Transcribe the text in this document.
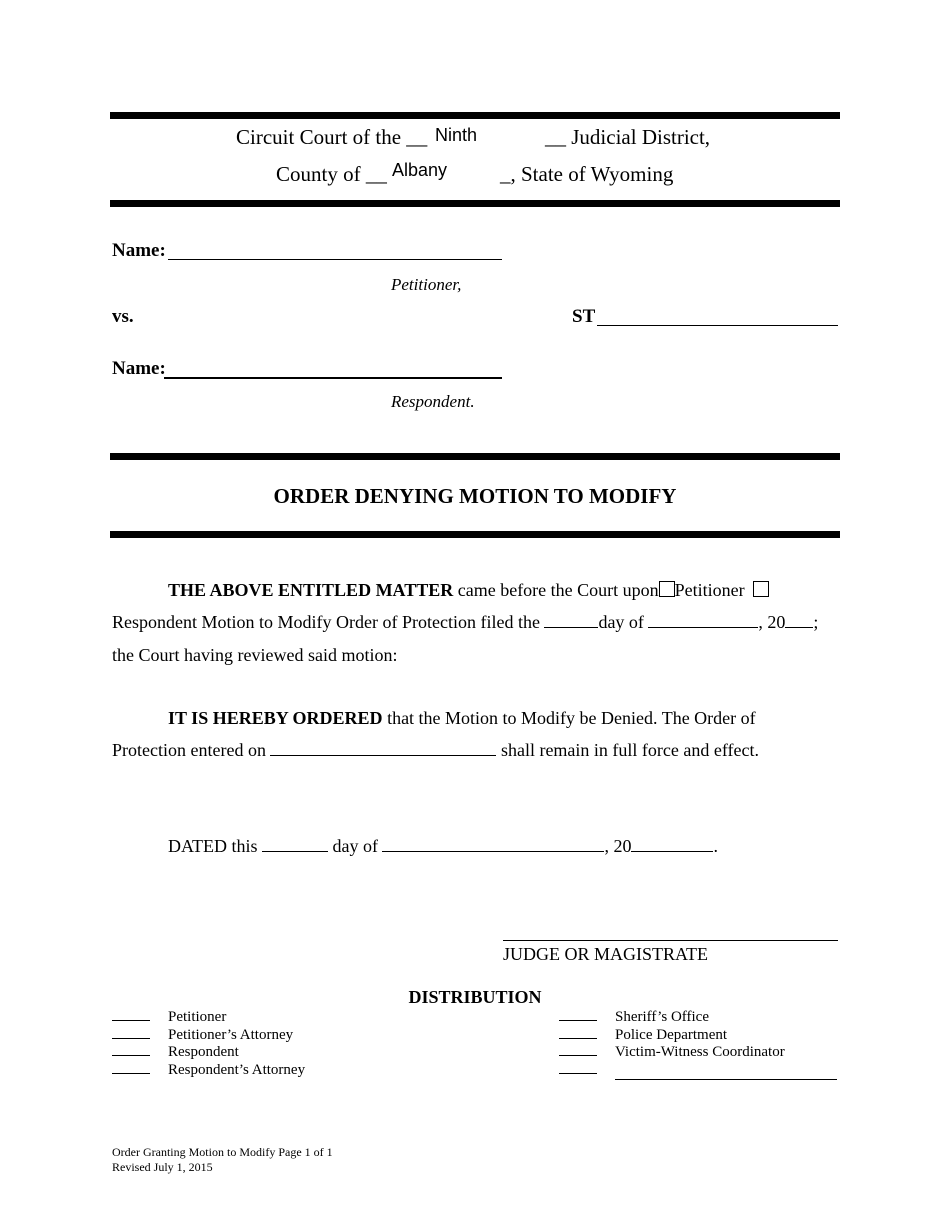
Circuit Court of the __ Ninth	__ Judicial District,
County of __ Albany	_, State of Wyoming
Name:
Petitioner,
vs.	ST
Name:
Respondent.
ORDER DENYING MOTION TO MODIFY
THE ABOVE ENTITLED MATTER came before the Court upon Petitioner
Respondent Motion to Modify Order of Protection filed the	day of	, 20 ;
the Court having reviewed said motion:
IT IS HEREBY ORDERED that the Motion to Modify be Denied. The Order of
Protection entered on	shall remain in full force and effect.
DATED this	day of	, 20	.
JUDGE OR MAGISTRATE
DISTRIBUTION
Petitioner
Petitioner’s Attorney
Respondent
Respondent’s Attorney
Sheriff’s Office
Police Department
Victim-Witness Coordinator
Order Granting Motion to Modify Page 1 of 1
Revised July 1, 2015
